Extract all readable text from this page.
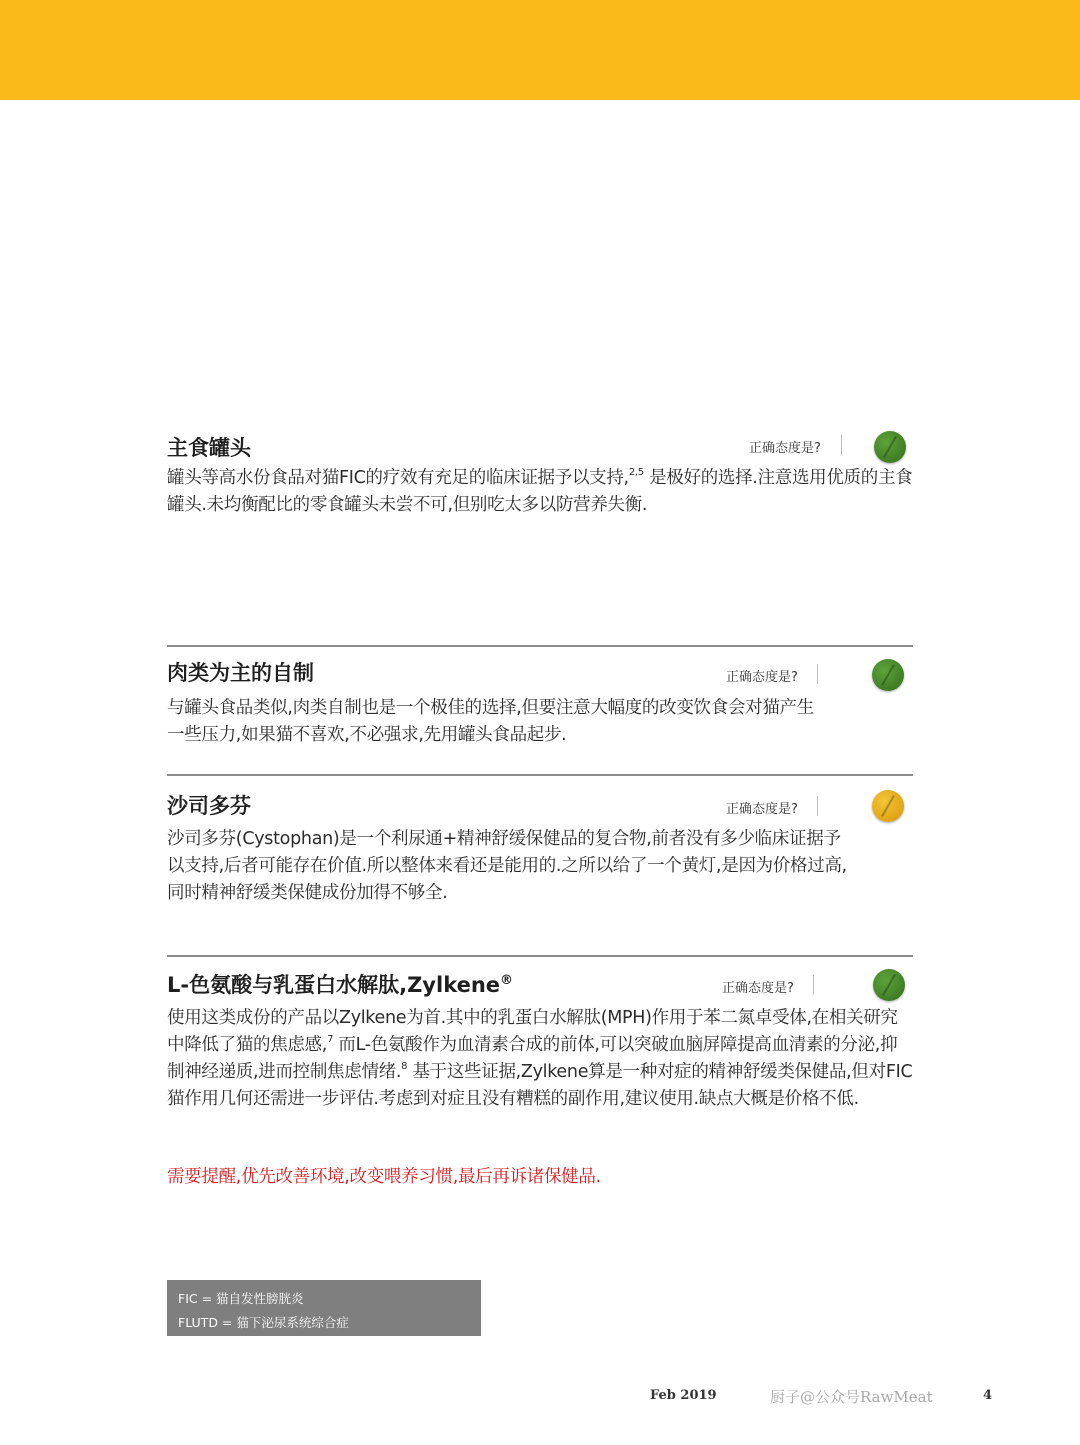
主食罐头	正确态度是?
罐头等高水份食品对猫FIC的疗效有充足的临床证据予以支持,$^{2,5}$ 是极好的选择.注意选用优质的主食罐头.未均衡配比的零食罐头未尝不可,但别吃太多以防营养失衡.
肉类为主的自制	正确态度是?
与罐头食品类似,肉类自制也是一个极佳的选择,但要注意大幅度的改变饮食会对猫产生
一些压力,如果猫不喜欢,不必强求,先用罐头食品起步.
沙司多芬	正确态度是?
沙司多芬(Cystophan)是一个利尿通+精神舒缓保健品的复合物,前者没有多少临床证据予
以支持,后者可能存在价值.所以整体来看还是能用的.之所以给了一个黄灯,是因为价格过高,
同时精神舒缓类保健成份加得不够全.
L-色氨酸与乳蛋白水解肽,Zylkene®
正确态度是?
使用这类成份的产品以Zylkene为首.其中的乳蛋白水解肽(MPH)作用于苯二氮卓受体,在相关研究中降低了猫的焦虑感,$^7$ 而L-色氨酸作为血清素合成的前体,可以突破血脑屏障提高血清素的分泌,抑制神经递质,进而控制焦虑情绪.$^8$ 基于这些证据,Zylkene算是一种对症的精神舒缓类保健品,但对FIC猫作用几何还需进一步评估.考虑到对症且没有糟糕的副作用,建议使用.缺点大概是价格不低.
需要提醒,优先改善环境,改变喂养习惯,最后再诉诸保健品.
FIC = 猫自发性膀胱炎
FLUTD = 猫下泌尿系统综合症
Feb 2019	厨子@公众号RawMeat	4
